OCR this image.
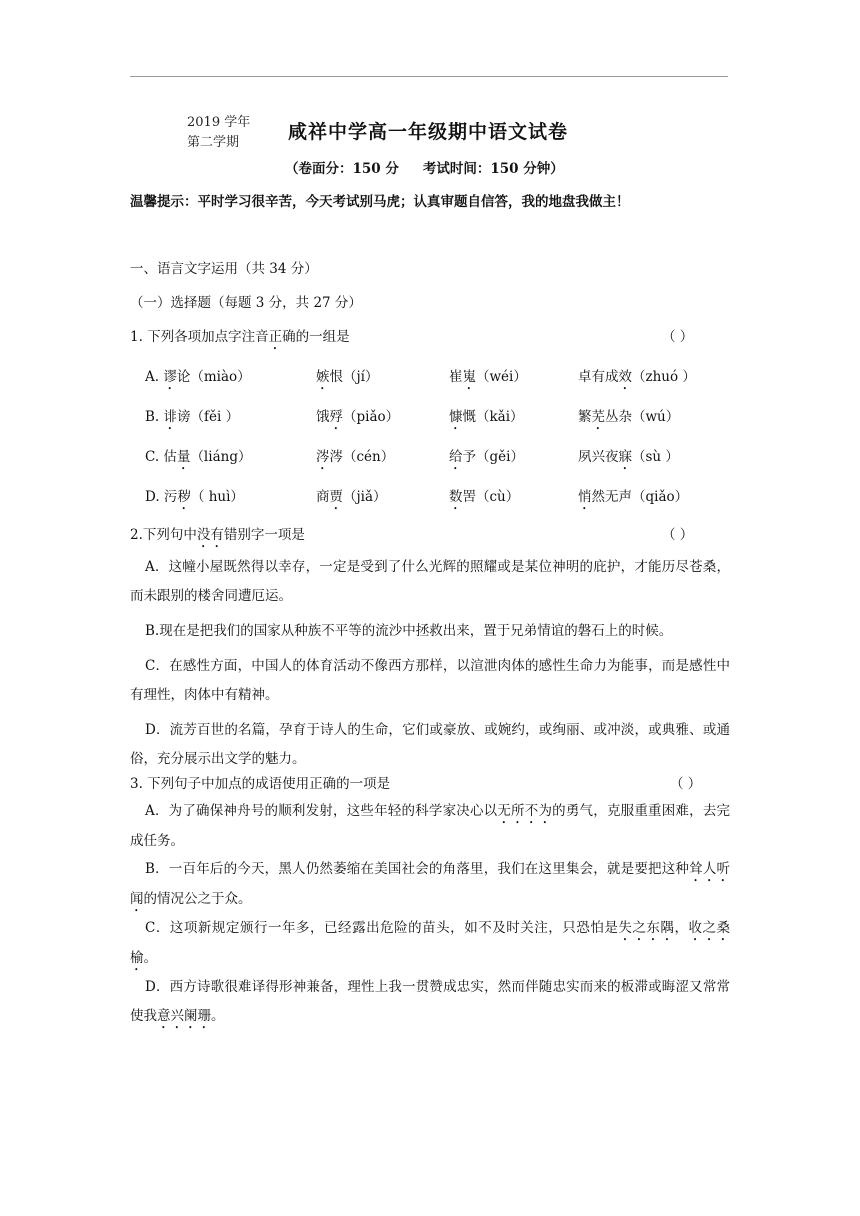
2019 学年
第二学期	咸祥中学高一年级期中语文试卷
（卷面分：150 分 考试时间：150 分钟）
温馨提示：平时学习很辛苦，今天考试别马虎；认真审题自信答，我的地盘我做主！
一、语言文字运用（共 34 分）
（一）选择题（每题 3 分，共 27 分）
1. 下列各项加点字注音正确的一组是	（ ）
A. 谬论（miào）	嫉恨（jí）	崔嵬（wéi）	卓有成效（zhuó ）
B. 诽谤（fěi ）	饿殍（piǎo）	慷慨（kǎi）	繁芜丛杂（wú）
C. 估量（liáng）	涔涔（cén）	给予（gěi）	夙兴夜寐（sù ）
D. 污秽（ huì）	商贾（jiǎ）	数罟（cù）	悄然无声（qiǎo）
2.下列句中没有错别字一项是	（ ）
A．这幢小屋既然得以幸存，一定是受到了什么光辉的照耀或是某位神明的庇护，才能历尽苍桑，而未跟别的楼舍同遭厄运。
B.现在是把我们的国家从种族不平等的流沙中拯救出来，置于兄弟情谊的磐石上的时候。
C．在感性方面，中国人的体育活动不像西方那样，以渲泄肉体的感性生命力为能事，而是感性中有理性，肉体中有精神。
D．流芳百世的名篇，孕育于诗人的生命，它们或豪放、或婉约，或绚丽、或冲淡，或典雅、或通俗，充分展示出文学的魅力。
3. 下列句子中加点的成语使用正确的一项是	（ ）
A．为了确保神舟号的顺利发射，这些年轻的科学家决心以无所不为的勇气，克服重重困难，去完成任务。
B．一百年后的今天，黑人仍然萎缩在美国社会的角落里，我们在这里集会，就是要把这种耸人听闻的情况公之于众。
C．这项新规定颁行一年多，已经露出危险的苗头，如不及时关注，只恐怕是失之东隅，收之桑榆。
D．西方诗歌很难译得形神兼备，理性上我一贯赞成忠实，然而伴随忠实而来的板滞或晦涩又常常使我意兴阑珊。
